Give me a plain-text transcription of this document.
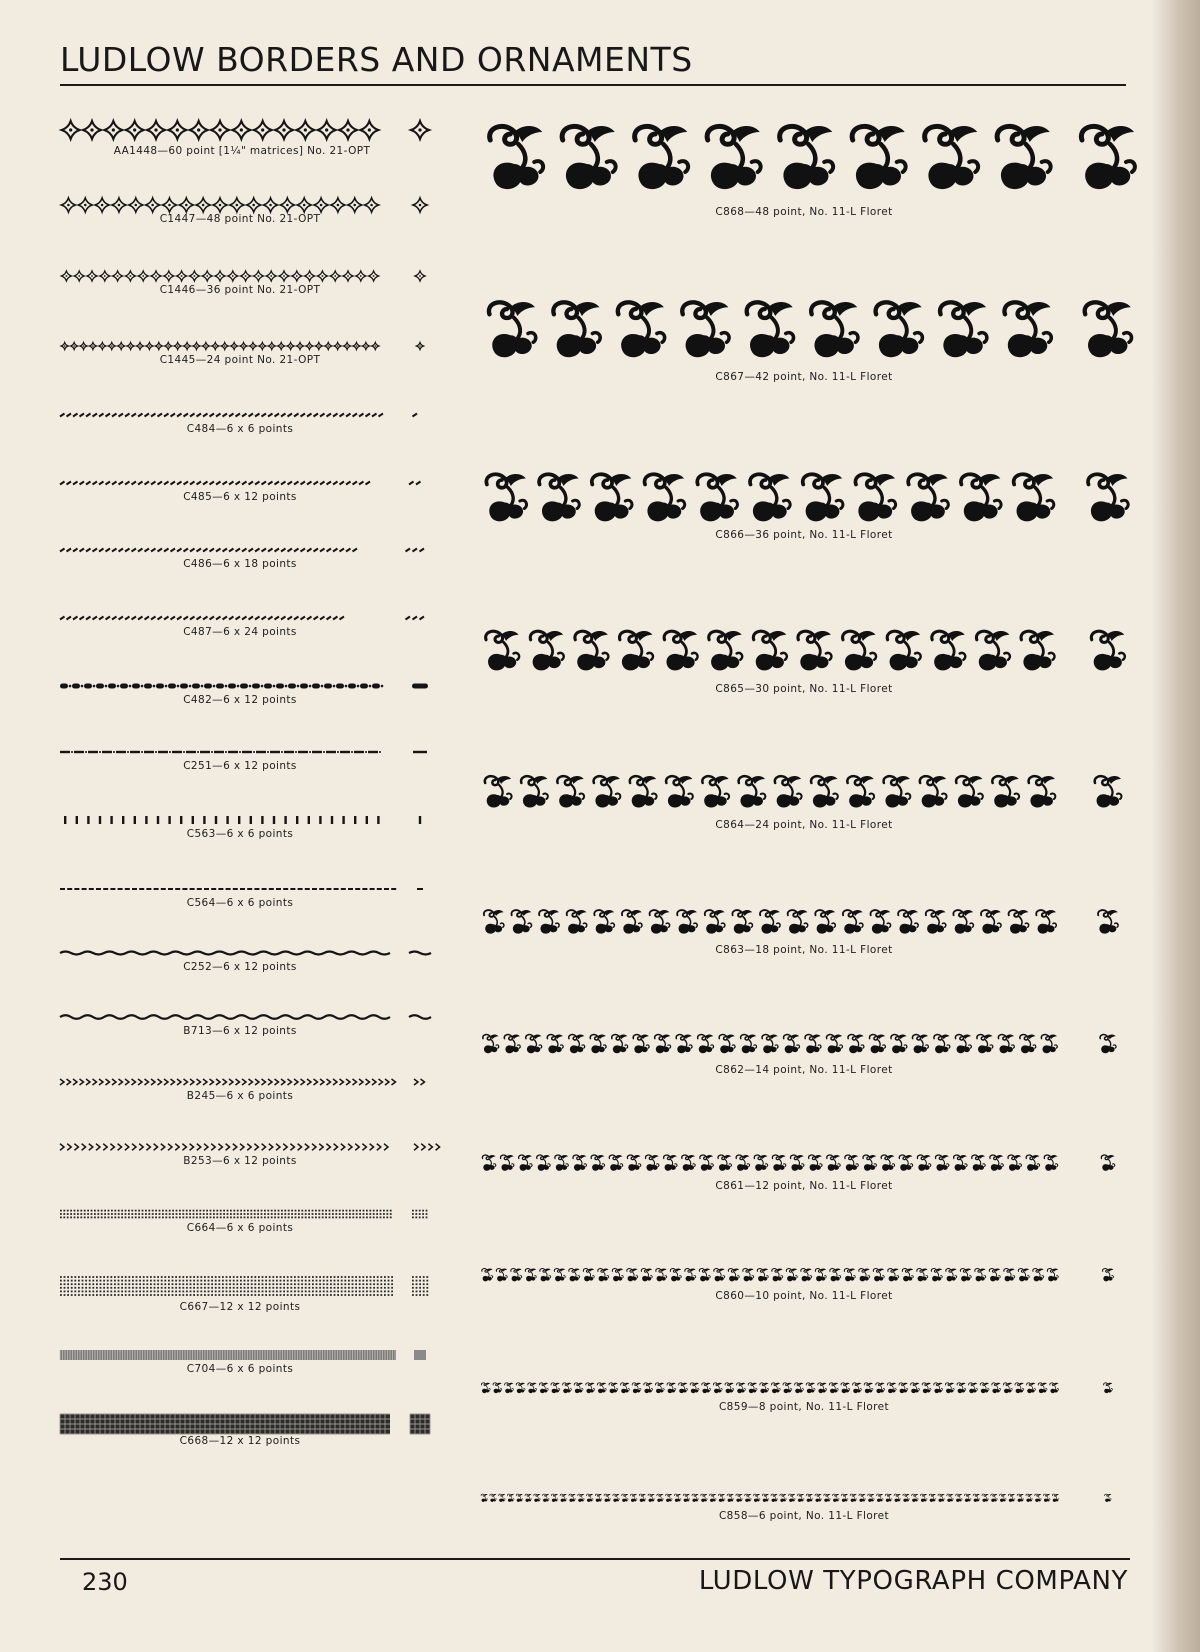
LUDLOW BORDERS AND ORNAMENTS
AA1448—60 point [1¼" matrices] No. 21-OPT
C1447—48 point No. 21-OPT
C1446—36 point No. 21-OPT
C1445—24 point No. 21-OPT
C484—6 x 6 points
C485—6 x 12 points
C486—6 x 18 points
C487—6 x 24 points
C482—6 x 12 points
C251—6 x 12 points
C563—6 x 6 points
C564—6 x 6 points
C252—6 x 12 points
B713—6 x 12 points
B245—6 x 6 points
B253—6 x 12 points
C664—6 x 6 points
C667—12 x 12 points
C704—6 x 6 points
C668—12 x 12 points
C868—48 point, No. 11-L Floret
C867—42 point, No. 11-L Floret
C866—36 point, No. 11-L Floret
C865—30 point, No. 11-L Floret
C864—24 point, No. 11-L Floret
C863—18 point, No. 11-L Floret
C862—14 point, No. 11-L Floret
C861—12 point, No. 11-L Floret
C860—10 point, No. 11-L Floret
C859—8 point, No. 11-L Floret
C858—6 point, No. 11-L Floret
230	LUDLOW TYPOGRAPH COMPANY
